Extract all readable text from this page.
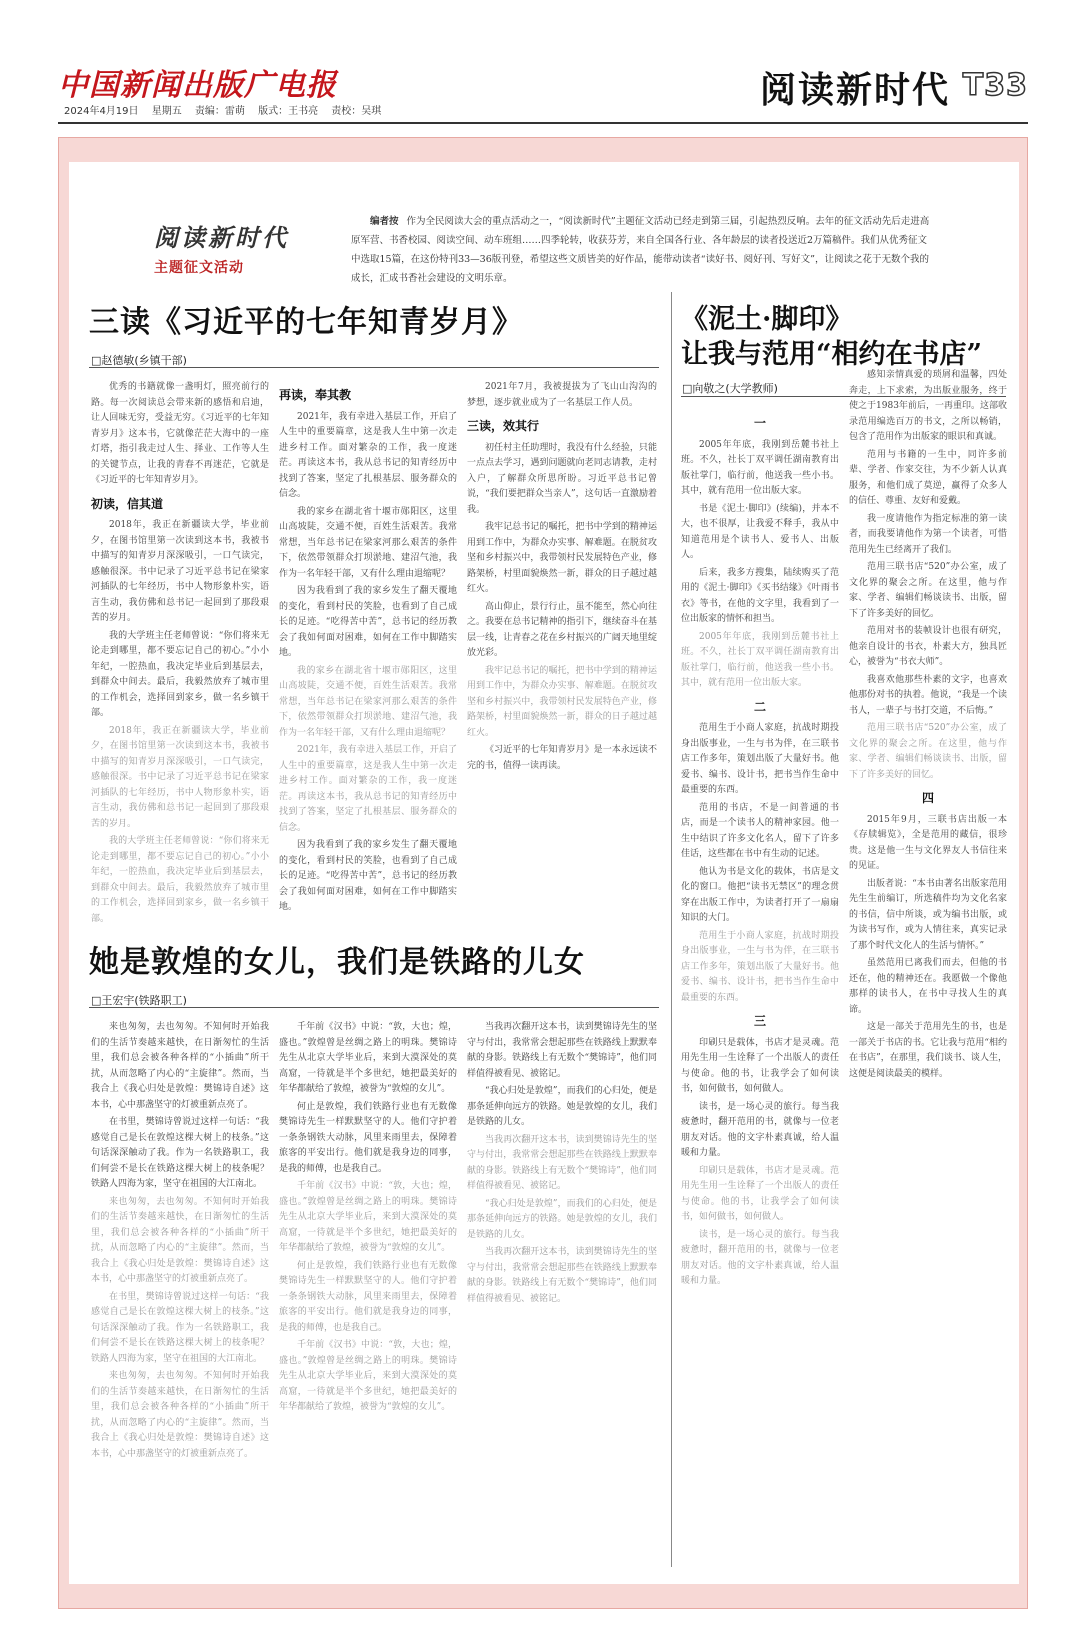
中国新闻出版广电报
2024年4月19日 星期五 责编：雷萌 版式：王书亮 责校：吴琪
阅读新时代 T33
阅读新时代
主题征文活动
编者按 作为全民阅读大会的重点活动之一，“阅读新时代”主题征文活动已经走到第三届，引起热烈反响。去年的征文活动先后走进高原军营、书香校园、阅读空间、动车班组……四季轮转，收获芬芳，来自全国各行业、各年龄层的读者投送近2万篇稿件。我们从优秀征文中选取15篇，在这份特刊33—36版刊登，希望这些文质皆美的好作品，能带动读者“读好书、阅好刊、写好文”，让阅读之花于无数个我的成长，汇成书香社会建设的文明乐章。
三读《习近平的七年知青岁月》
□赵德敏(乡镇干部)

优秀的书籍就像一盏明灯，照亮前行的路。每一次阅读总会带来新的感悟和启迪，让人回味无穷，受益无穷。《习近平的七年知青岁月》这本书，它就像茫茫大海中的一座灯塔，指引我走过人生、择业、工作等人生的关键节点，让我的青春不再迷茫，它就是《习近平的七年知青岁月》。

初读，信其道

2018年，我正在新疆读大学，毕业前夕，在图书馆里第一次读到这本书，我被书中描写的知青岁月深深吸引，一口气读完，感触很深。书中记录了习近平总书记在梁家河插队的七年经历，书中人物形象朴实，语言生动，我仿佛和总书记一起回到了那段艰苦的岁月。

我的大学班主任老师曾说：“你们将来无论走到哪里，都不要忘记自己的初心。”小小年纪，一腔热血，我决定毕业后到基层去，到群众中间去。最后，我毅然放弃了城市里的工作机会，选择回到家乡，做一名乡镇干部。

2018年，我正在新疆读大学，毕业前夕，在图书馆里第一次读到这本书，我被书中描写的知青岁月深深吸引，一口气读完，感触很深。书中记录了习近平总书记在梁家河插队的七年经历，书中人物形象朴实，语言生动，我仿佛和总书记一起回到了那段艰苦的岁月。

我的大学班主任老师曾说：“你们将来无论走到哪里，都不要忘记自己的初心。”小小年纪，一腔热血，我决定毕业后到基层去，到群众中间去。最后，我毅然放弃了城市里的工作机会，选择回到家乡，做一名乡镇干部。

再读，奉其教

2021年，我有幸进入基层工作，开启了人生中的重要篇章，这是我人生中第一次走进乡村工作。面对繁杂的工作，我一度迷茫。再读这本书，我从总书记的知青经历中找到了答案，坚定了扎根基层、服务群众的信念。

我的家乡在湖北省十堰市郧阳区，这里山高坡陡，交通不便，百姓生活艰苦。我常常想，当年总书记在梁家河那么艰苦的条件下，依然带领群众打坝淤地、建沼气池，我作为一名年轻干部，又有什么理由退缩呢？

因为我看到了我的家乡发生了翻天覆地的变化，看到村民的笑脸，也看到了自己成长的足迹。“吃得苦中苦”，总书记的经历教会了我如何面对困难，如何在工作中脚踏实地。

我的家乡在湖北省十堰市郧阳区，这里山高坡陡，交通不便，百姓生活艰苦。我常常想，当年总书记在梁家河那么艰苦的条件下，依然带领群众打坝淤地、建沼气池，我作为一名年轻干部，又有什么理由退缩呢？

2021年，我有幸进入基层工作，开启了人生中的重要篇章，这是我人生中第一次走进乡村工作。面对繁杂的工作，我一度迷茫。再读这本书，我从总书记的知青经历中找到了答案，坚定了扎根基层、服务群众的信念。

因为我看到了我的家乡发生了翻天覆地的变化，看到村民的笑脸，也看到了自己成长的足迹。“吃得苦中苦”，总书记的经历教会了我如何面对困难，如何在工作中脚踏实地。

2021年7月，我被提拔为了飞山山沟沟的梦想，逐步就业成为了一名基层工作人员。

三读，效其行

初任村主任助理时，我没有什么经验，只能一点点去学习，遇到问题就向老同志请教，走村入户，了解群众所思所盼。习近平总书记曾说，“我们要把群众当亲人”，这句话一直激励着我。

我牢记总书记的嘱托，把书中学到的精神运用到工作中，为群众办实事、解难题。在脱贫攻坚和乡村振兴中，我带领村民发展特色产业，修路架桥，村里面貌焕然一新，群众的日子越过越红火。

高山仰止，景行行止，虽不能至，然心向往之。我要在总书记精神的指引下，继续奋斗在基层一线，让青春之花在乡村振兴的广阔天地里绽放光彩。

我牢记总书记的嘱托，把书中学到的精神运用到工作中，为群众办实事、解难题。在脱贫攻坚和乡村振兴中，我带领村民发展特色产业，修路架桥，村里面貌焕然一新，群众的日子越过越红火。

《习近平的七年知青岁月》是一本永远读不完的书，值得一读再读。

她是敦煌的女儿，我们是铁路的儿女
□王宏宇(铁路职工)

来也匆匆，去也匆匆。不知何时开始我们的生活节奏越来越快，在日渐匆忙的生活里，我们总会被各种各样的“小插曲”所干扰，从而忽略了内心的“主旋律”。然而，当我合上《我心归处是敦煌：樊锦诗自述》这本书，心中那盏坚守的灯被重新点亮了。

在书里，樊锦诗曾说过这样一句话：“我感觉自己是长在敦煌这棵大树上的枝条。”这句话深深触动了我。作为一名铁路职工，我们何尝不是长在铁路这棵大树上的枝条呢？铁路人四海为家，坚守在祖国的大江南北。

来也匆匆，去也匆匆。不知何时开始我们的生活节奏越来越快，在日渐匆忙的生活里，我们总会被各种各样的“小插曲”所干扰，从而忽略了内心的“主旋律”。然而，当我合上《我心归处是敦煌：樊锦诗自述》这本书，心中那盏坚守的灯被重新点亮了。

在书里，樊锦诗曾说过这样一句话：“我感觉自己是长在敦煌这棵大树上的枝条。”这句话深深触动了我。作为一名铁路职工，我们何尝不是长在铁路这棵大树上的枝条呢？铁路人四海为家，坚守在祖国的大江南北。

来也匆匆，去也匆匆。不知何时开始我们的生活节奏越来越快，在日渐匆忙的生活里，我们总会被各种各样的“小插曲”所干扰，从而忽略了内心的“主旋律”。然而，当我合上《我心归处是敦煌：樊锦诗自述》这本书，心中那盏坚守的灯被重新点亮了。

千年前《汉书》中说：“敦，大也；煌，盛也。”敦煌曾是丝绸之路上的明珠。樊锦诗先生从北京大学毕业后，来到大漠深处的莫高窟，一待就是半个多世纪，她把最美好的年华都献给了敦煌，被誉为“敦煌的女儿”。

何止是敦煌，我们铁路行业也有无数像樊锦诗先生一样默默坚守的人。他们守护着一条条钢铁大动脉，风里来雨里去，保障着旅客的平安出行。他们就是我身边的同事，是我的师傅，也是我自己。

千年前《汉书》中说：“敦，大也；煌，盛也。”敦煌曾是丝绸之路上的明珠。樊锦诗先生从北京大学毕业后，来到大漠深处的莫高窟，一待就是半个多世纪，她把最美好的年华都献给了敦煌，被誉为“敦煌的女儿”。

何止是敦煌，我们铁路行业也有无数像樊锦诗先生一样默默坚守的人。他们守护着一条条钢铁大动脉，风里来雨里去，保障着旅客的平安出行。他们就是我身边的同事，是我的师傅，也是我自己。

千年前《汉书》中说：“敦，大也；煌，盛也。”敦煌曾是丝绸之路上的明珠。樊锦诗先生从北京大学毕业后，来到大漠深处的莫高窟，一待就是半个多世纪，她把最美好的年华都献给了敦煌，被誉为“敦煌的女儿”。

当我再次翻开这本书，读到樊锦诗先生的坚守与付出，我常常会想起那些在铁路线上默默奉献的身影。铁路线上有无数个“樊锦诗”，他们同样值得被看见、被铭记。

“我心归处是敦煌”，而我们的心归处，便是那条延伸向远方的铁路。她是敦煌的女儿，我们是铁路的儿女。

当我再次翻开这本书，读到樊锦诗先生的坚守与付出，我常常会想起那些在铁路线上默默奉献的身影。铁路线上有无数个“樊锦诗”，他们同样值得被看见、被铭记。

“我心归处是敦煌”，而我们的心归处，便是那条延伸向远方的铁路。她是敦煌的女儿，我们是铁路的儿女。

当我再次翻开这本书，读到樊锦诗先生的坚守与付出，我常常会想起那些在铁路线上默默奉献的身影。铁路线上有无数个“樊锦诗”，他们同样值得被看见、被铭记。

《泥土·脚印》
让我与范用“相约在书店”
□向敬之(大学教师)
一

2005年年底，我刚到岳麓书社上班。不久，社长丁双平调任湖南教育出版社掌门，临行前，他送我一些小书。其中，就有范用一位出版大家。

书是《泥土·脚印》(续编)，并本不大，也不很厚，让我爱不释手，我从中知道范用是个读书人、爱书人、出版人。

后来，我多方搜集，陆续购买了范用的《泥土·脚印》《买书结缘》《叶雨书衣》等书，在他的文字里，我看到了一位出版家的情怀和担当。

2005年年底，我刚到岳麓书社上班。不久，社长丁双平调任湖南教育出版社掌门，临行前，他送我一些小书。其中，就有范用一位出版大家。

二

范用生于小商人家庭，抗战时期投身出版事业，一生与书为伴，在三联书店工作多年，策划出版了大量好书。他爱书、编书、设计书，把书当作生命中最重要的东西。

范用的书店，不是一间普通的书店，而是一个读书人的精神家园。他一生中结识了许多文化名人，留下了许多佳话，这些都在书中有生动的记述。

他认为书是文化的载体，书店是文化的窗口。他把“读书无禁区”的理念贯穿在出版工作中，为读者打开了一扇扇知识的大门。

范用生于小商人家庭，抗战时期投身出版事业，一生与书为伴，在三联书店工作多年，策划出版了大量好书。他爱书、编书、设计书，把书当作生命中最重要的东西。

三

印刷只是载体，书店才是灵魂。范用先生用一生诠释了一个出版人的责任与使命。他的书，让我学会了如何读书，如何做书，如何做人。

读书，是一场心灵的旅行。每当我疲惫时，翻开范用的书，就像与一位老朋友对话。他的文字朴素真诚，给人温暖和力量。

印刷只是载体，书店才是灵魂。范用先生用一生诠释了一个出版人的责任与使命。他的书，让我学会了如何读书，如何做书，如何做人。

读书，是一场心灵的旅行。每当我疲惫时，翻开范用的书，就像与一位老朋友对话。他的文字朴素真诚，给人温暖和力量。

感知亲情真爱的琐屑和温馨，四处奔走，上下求索，为出版业服务，终于使之于1983年前后，一再重印。这部收录范用编选百万的书文，之所以畅销，包含了范用作为出版家的眼识和真诚。

范用与书籍的一生中，同许多前辈、学者、作家交往，为不少新人认真服务，和他们成了莫逆，赢得了众多人的信任、尊重、友好和爱戴。

我一度请他作为指定标准的第一读者，而我要请他作为第一个读者，可惜范用先生已经离开了我们。

范用三联书店“520”办公室，成了文化界的聚会之所。在这里，他与作家、学者、编辑们畅谈读书、出版，留下了许多美好的回忆。

范用对书的装帧设计也很有研究，他亲自设计的书衣，朴素大方，独具匠心，被誉为“书衣大师”。

我喜欢他那些朴素的文字，也喜欢他那份对书的执着。他说，“我是一个读书人，一辈子与书打交道，不后悔。”

范用三联书店“520”办公室，成了文化界的聚会之所。在这里，他与作家、学者、编辑们畅谈读书、出版，留下了许多美好的回忆。

四

2015年9月，三联书店出版一本《存牍辑览》，全是范用的藏信，很珍贵。这是他一生与文化界友人书信往来的见证。

出版者说：“本书由著名出版家范用先生生前编订，所选稿件均为文化名家的书信，信中所谈，或为编书出版，或为读书写作，或为人情往来，真实记录了那个时代文化人的生活与情怀。”

虽然范用已离我们而去，但他的书还在，他的精神还在。我愿做一个像他那样的读书人，在书中寻找人生的真谛。

这是一部关于范用先生的书，也是一部关于书店的书。它让我与范用“相约在书店”，在那里，我们谈书、谈人生，这便是阅读最美的模样。
